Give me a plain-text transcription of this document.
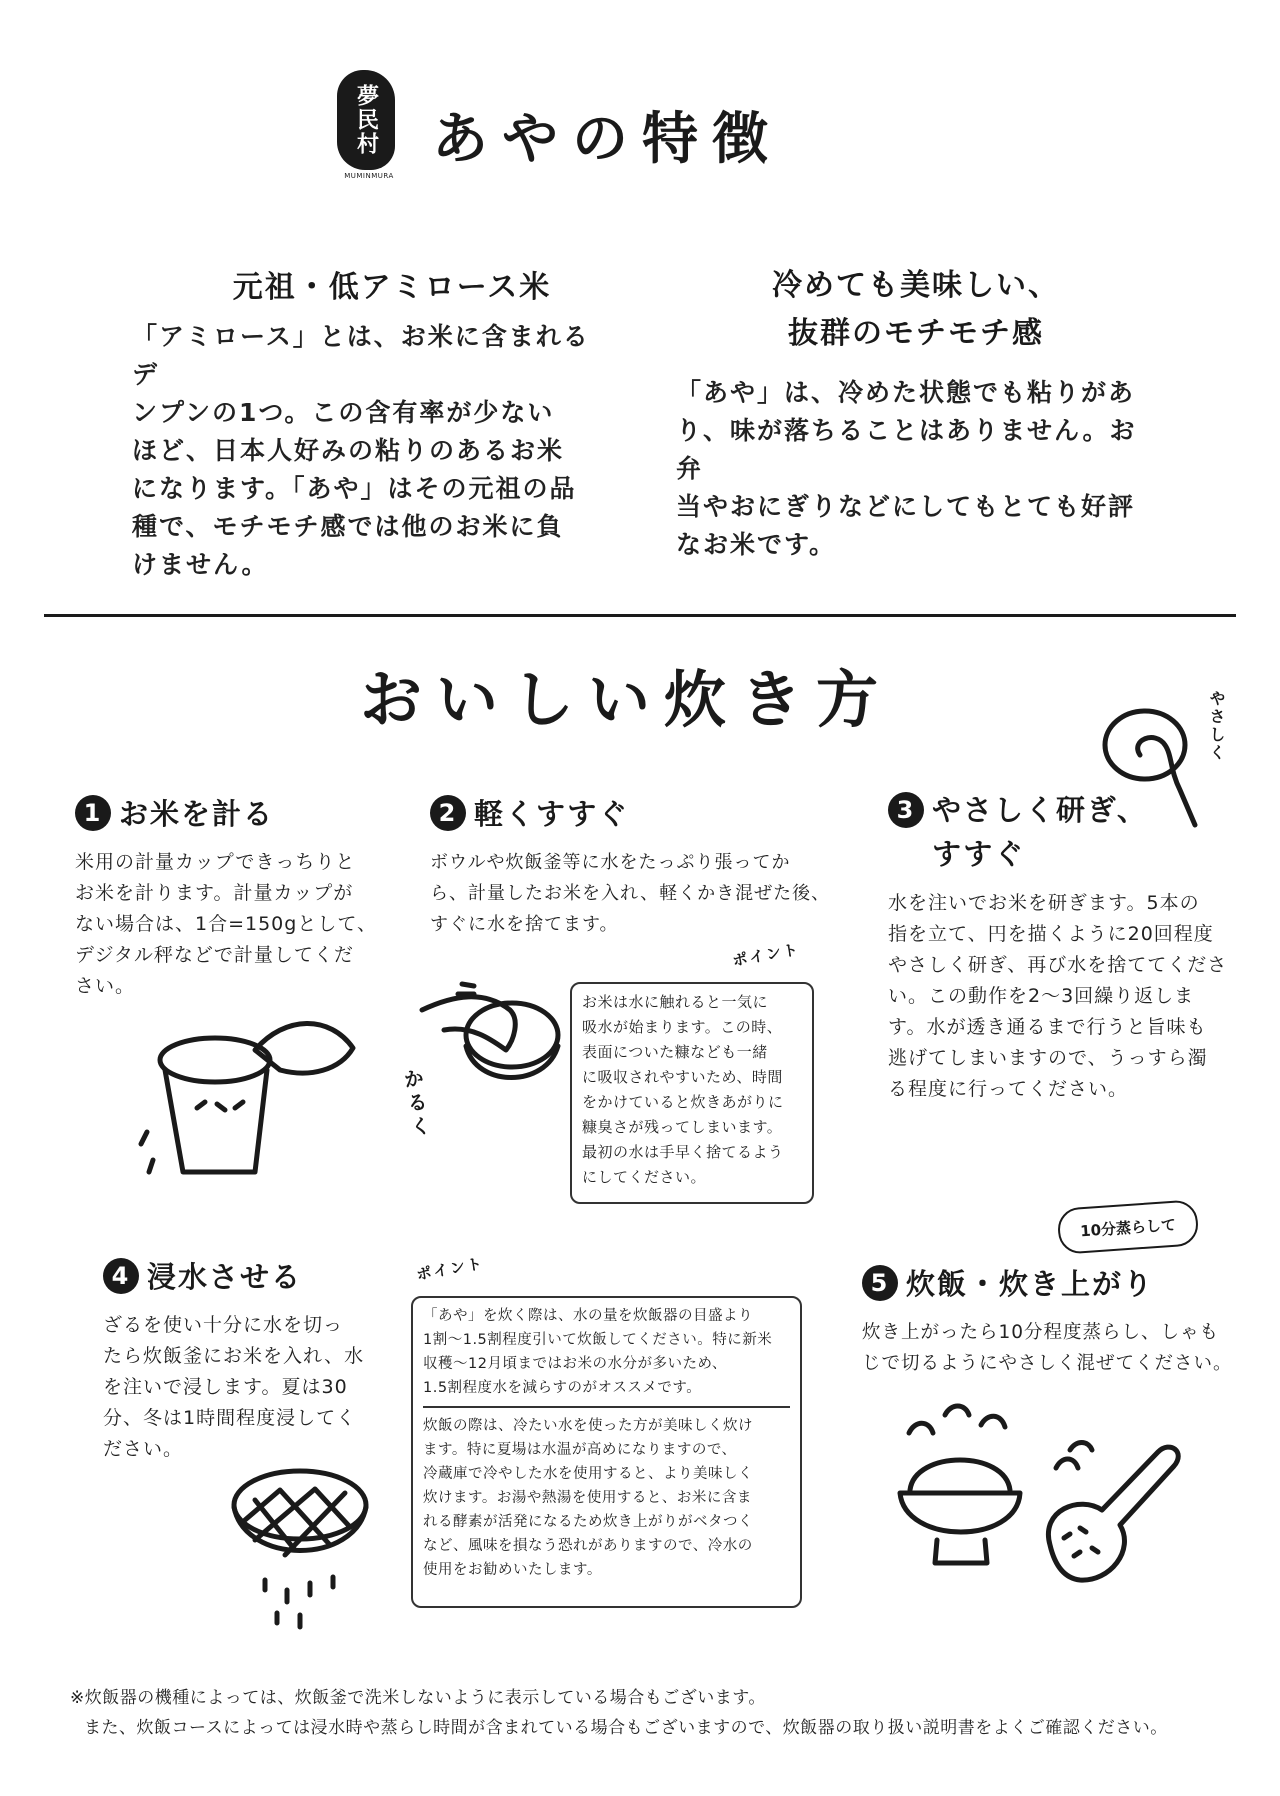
夢民村
MUMINMURA
あやの特徴
元祖・低アミロース米
「アミロース」とは、お米に含まれるデ
ンプンの1つ。この含有率が少ない
ほど、日本人好みの粘りのあるお米
になります。「あや」はその元祖の品
種で、モチモチ感では他のお米に負
けません。
冷めても美味しい、
抜群のモチモチ感
「あや」は、冷めた状態でも粘りがあ
り、味が落ちることはありません。お弁
当やおにぎりなどにしてもとても好評
なお米です。
おいしい炊き方
1 お米を計る
米用の計量カップできっちりと
お米を計ります。計量カップが
ない場合は、1合=150gとして、
デジタル秤などで計量してくだ
さい。
2 軽くすすぐ
ボウルや炊飯釜等に水をたっぷり張ってか
ら、計量したお米を入れ、軽くかき混ぜた後、
すぐに水を捨てます。
3 やさしく研ぎ、
すすぐ
水を注いでお米を研ぎます。5本の
指を立て、円を描くように20回程度
やさしく研ぎ、再び水を捨ててくださ
い。この動作を2〜3回繰り返しま
す。水が透き通るまで行うと旨味も
逃げてしまいますので、うっすら濁
る程度に行ってください。
ポイント
お米は水に触れると一気に
吸水が始まります。この時、
表面についた糠なども一緒
に吸収されやすいため、時間
をかけていると炊きあがりに
糠臭さが残ってしまいます。
最初の水は手早く捨てるよう
にしてください。
4 浸水させる
ざるを使い十分に水を切っ
たら炊飯釜にお米を入れ、水
を注いで浸します。夏は30
分、冬は1時間程度浸してく
ださい。
ポイント
「あや」を炊く際は、水の量を炊飯器の目盛より
1割〜1.5割程度引いて炊飯してください。特に新米
収穫〜12月頃まではお米の水分が多いため、
1.5割程度水を減らすのがオススメです。
炊飯の際は、冷たい水を使った方が美味しく炊け
ます。特に夏場は水温が高めになりますので、
冷蔵庫で冷やした水を使用すると、より美味しく
炊けます。お湯や熱湯を使用すると、お米に含ま
れる酵素が活発になるため炊き上がりがベタつく
など、風味を損なう恐れがありますので、冷水の
使用をお勧めいたします。
5 炊飯・炊き上がり
炊き上がったら10分程度蒸らし、しゃも
じで切るようにやさしく混ぜてください。
やさしく
かるく
10分蒸らして
※炊飯器の機種によっては、炊飯釜で洗米しないように表示している場合もございます。
また、炊飯コースによっては浸水時や蒸らし時間が含まれている場合もございますので、炊飯器の取り扱い説明書をよくご確認ください。
